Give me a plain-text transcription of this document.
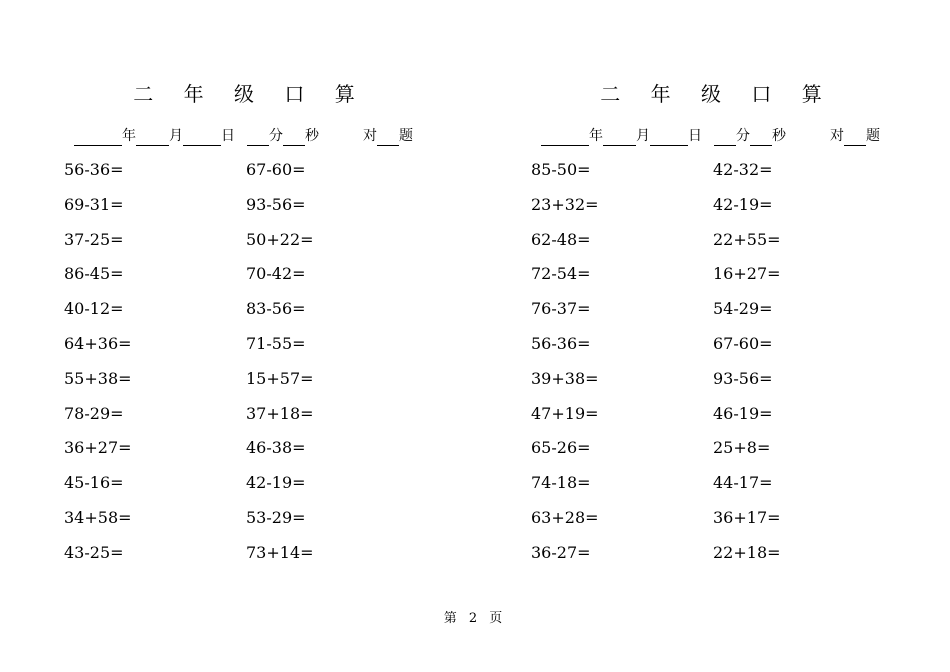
二 年 级 口 算
年 月	日 分 秒	对 题
56-36=	67-60=
69-31=	93-56=
37-25=	50+22=
86-45=	70-42=
40-12=	83-56=
64+36=	71-55=
55+38=	15+57=
78-29=	37+18=
36+27=	46-38=
45-16=	42-19=
34+58=	53-29=
43-25=	73+14=
二 年 级 口 算
年 月	日 分 秒	对 题
85-50=	42-32=
23+32=	42-19=
62-48=	22+55=
72-54=	16+27=
76-37=	54-29=
56-36=	67-60=
39+38=	93-56=
47+19=	46-19=
65-26=	25+8=
74-18=	44-17=
63+28=	36+17=
36-27=	22+18=
第 2 页
